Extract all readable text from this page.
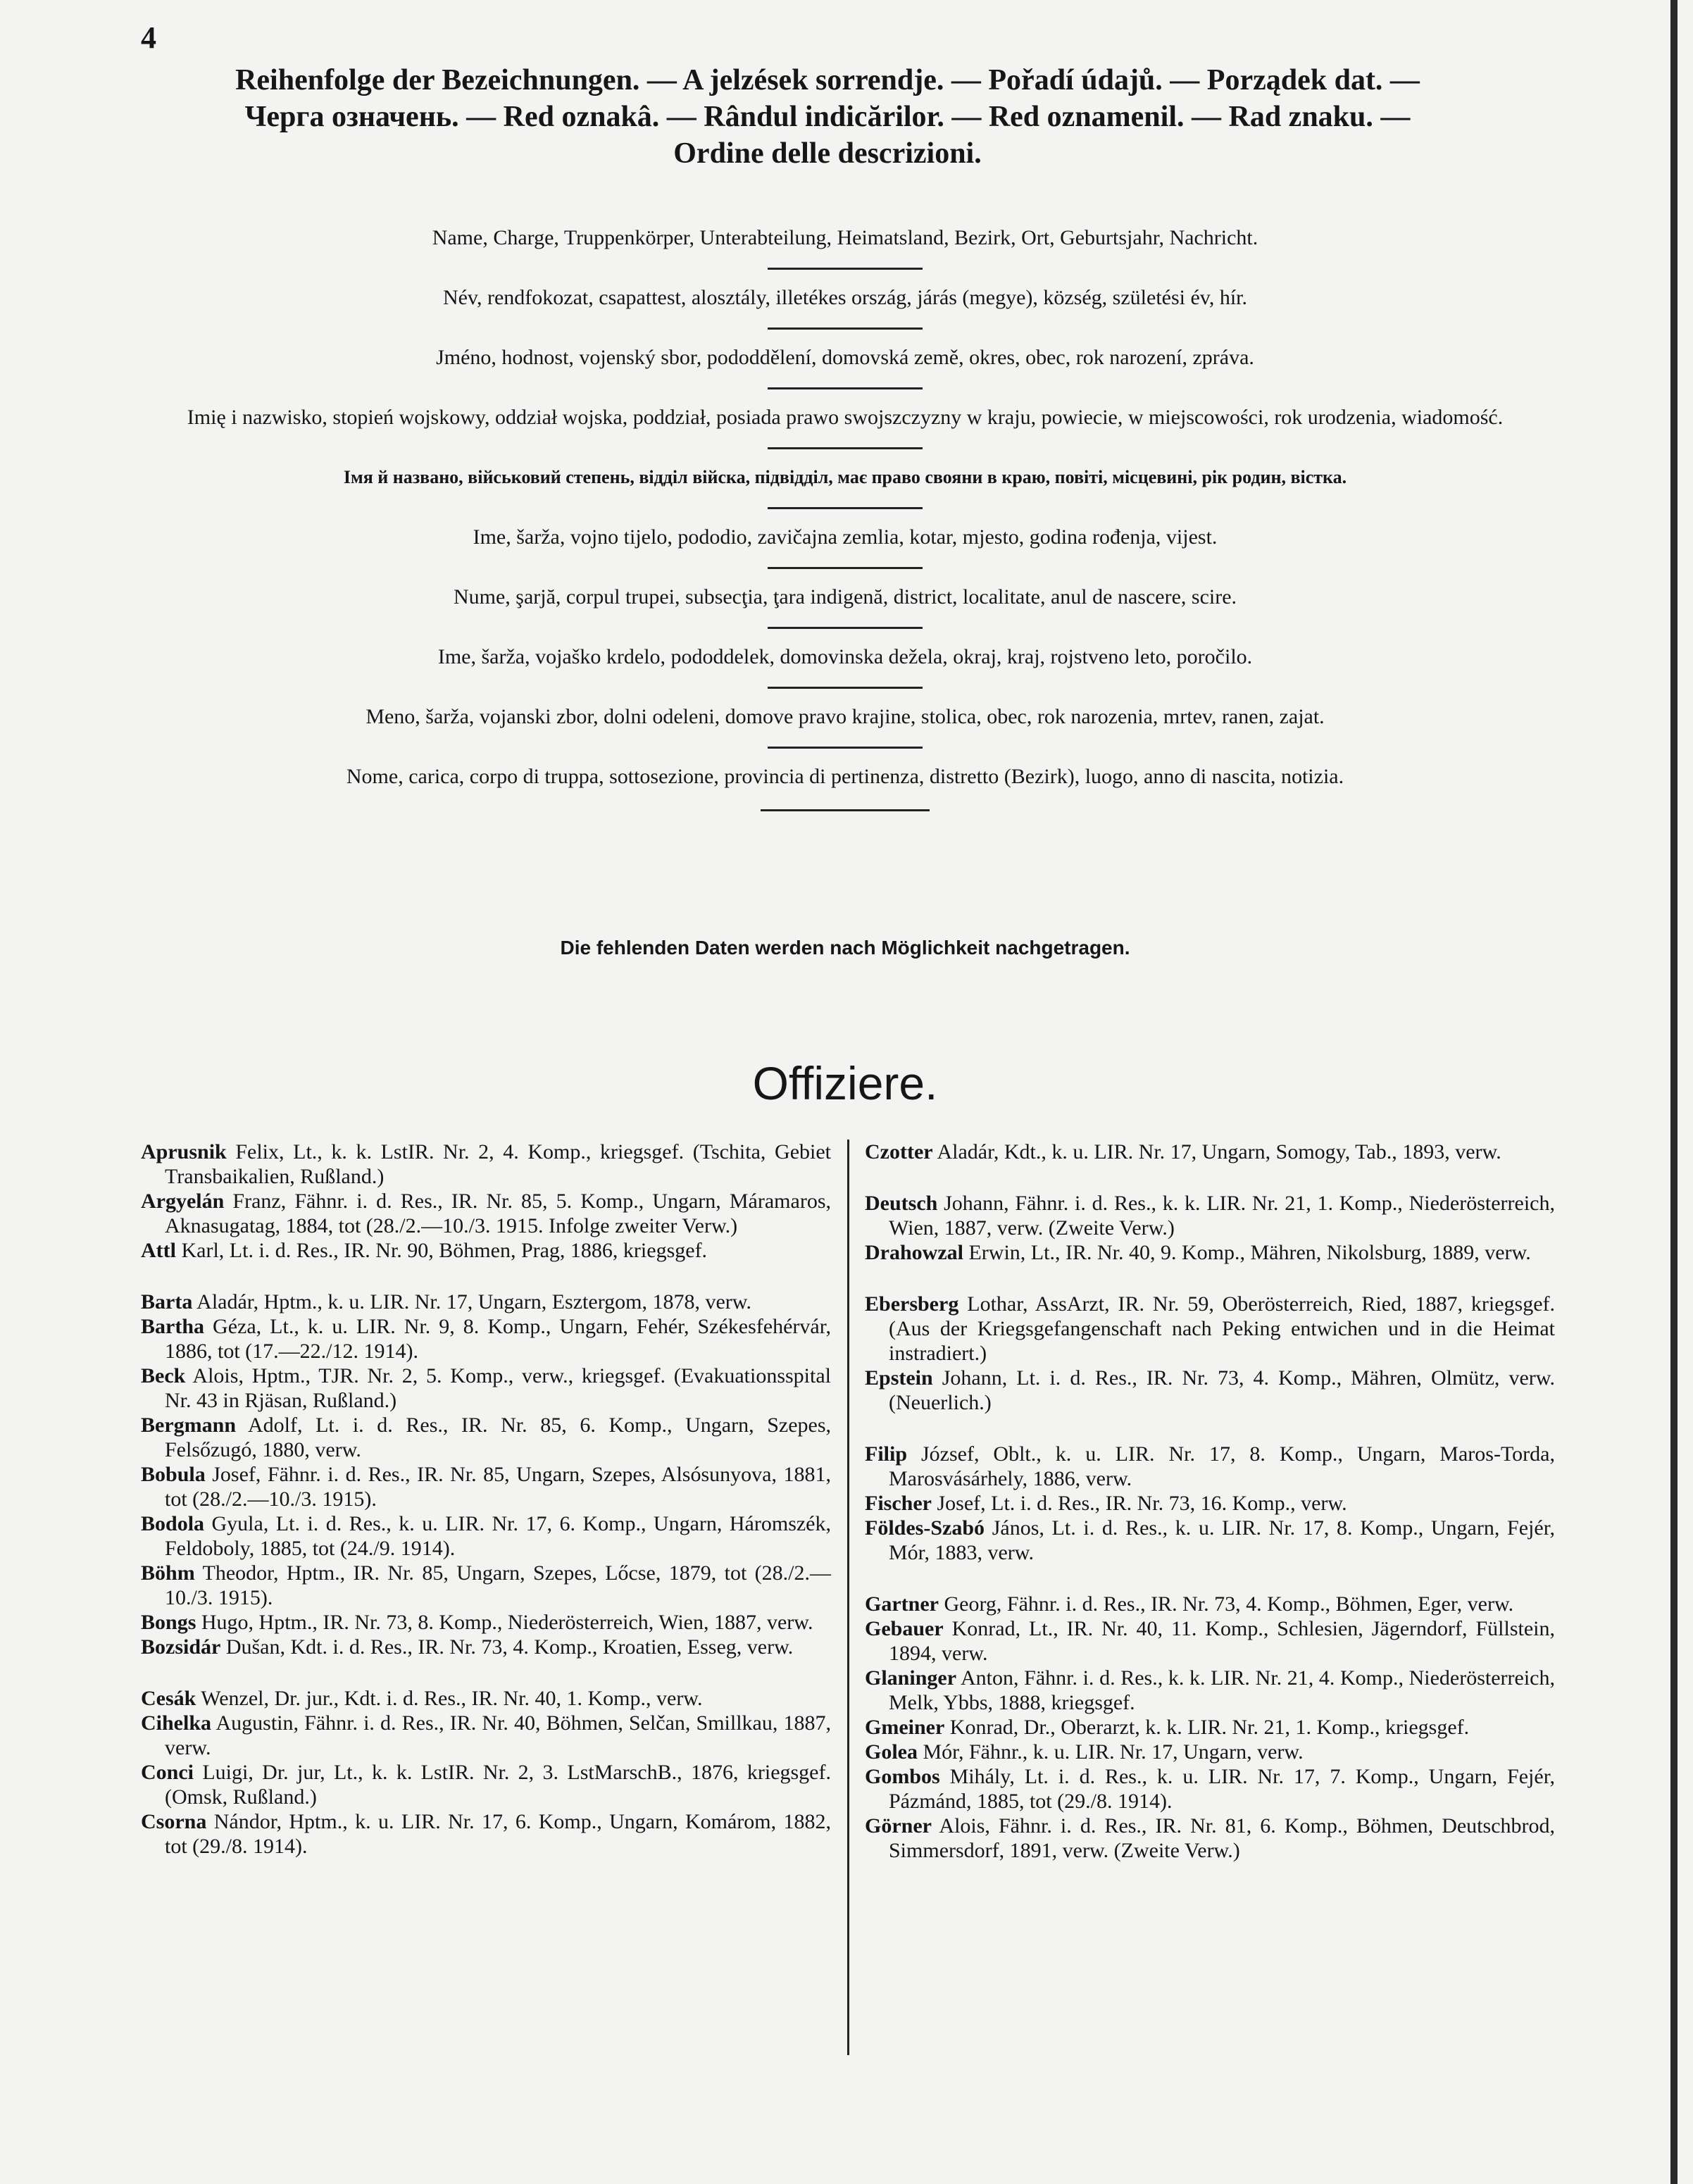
4
Reihenfolge der Bezeichnungen. — A jelzések sorrendje. — Pořadí údajů. — Porządek dat. —
Черга означень. — Red oznakâ. — Rândul indicărilor. — Red oznamenil. — Rad znaku. —
Ordine delle descrizioni.
Name, Charge, Truppenkörper, Unterabteilung, Heimatsland, Bezirk, Ort, Geburtsjahr, Nachricht.
Név, rendfokozat, csapattest, alosztály, illetékes ország, járás (megye), község, születési év, hír.
Jméno, hodnost, vojenský sbor, pododdělení, domovská země, okres, obec, rok narození, zpráva.
Imię i nazwisko, stopień wojskowy, oddział wojska, poddział, posiada prawo swojszczyzny w kraju, powiecie, w miejscowości, rok urodzenia, wiadomość.
Імя й названо, військовий степень, відділ війска, підвідділ, має право свояни в краю, повіті, місцевині, рік родин, вістка.
Ime, šarža, vojno tijelo, pododio, zavičajna zemlia, kotar, mjesto, godina rođenja, vijest.
Nume, şarjă, corpul trupei, subsecţia, ţara indigenă, district, localitate, anul de nascere, scire.
Ime, šarža, vojaško krdelo, pododdelek, domovinska dežela, okraj, kraj, rojstveno leto, poročilo.
Meno, šarža, vojanski zbor, dolni odeleni, domove pravo krajine, stolica, obec, rok narozenia, mrtev, ranen, zajat.
Nome, carica, corpo di truppa, sottosezione, provincia di pertinenza, distretto (Bezirk), luogo, anno di nascita, notizia.
Die fehlenden Daten werden nach Möglichkeit nachgetragen.
Offiziere.
Aprusnik Felix, Lt., k. k. LstIR. Nr. 2, 4. Komp., kriegsgef. (Tschita, Gebiet Transbaikalien, Rußland.)
Argyelán Franz, Fähnr. i. d. Res., IR. Nr. 85, 5. Komp., Ungarn, Máramaros, Aknasugatag, 1884, tot (28./2.—10./3. 1915. Infolge zweiter Verw.)
Attl Karl, Lt. i. d. Res., IR. Nr. 90, Böhmen, Prag, 1886, kriegsgef.
Barta Aladár, Hptm., k. u. LIR. Nr. 17, Ungarn, Esztergom, 1878, verw.
Bartha Géza, Lt., k. u. LIR. Nr. 9, 8. Komp., Ungarn, Fehér, Székesfehérvár, 1886, tot (17.—22./12. 1914).
Beck Alois, Hptm., TJR. Nr. 2, 5. Komp., verw., kriegsgef. (Evakuationsspital Nr. 43 in Rjäsan, Rußland.)
Bergmann Adolf, Lt. i. d. Res., IR. Nr. 85, 6. Komp., Ungarn, Szepes, Felsőzugó, 1880, verw.
Bobula Josef, Fähnr. i. d. Res., IR. Nr. 85, Ungarn, Szepes, Alsósunyova, 1881, tot (28./2.—10./3. 1915).
Bodola Gyula, Lt. i. d. Res., k. u. LIR. Nr. 17, 6. Komp., Ungarn, Háromszék, Feldoboly, 1885, tot (24./9. 1914).
Böhm Theodor, Hptm., IR. Nr. 85, Ungarn, Szepes, Lőcse, 1879, tot (28./2.—10./3. 1915).
Bongs Hugo, Hptm., IR. Nr. 73, 8. Komp., Niederösterreich, Wien, 1887, verw.
Bozsidár Dušan, Kdt. i. d. Res., IR. Nr. 73, 4. Komp., Kroatien, Esseg, verw.
Cesák Wenzel, Dr. jur., Kdt. i. d. Res., IR. Nr. 40, 1. Komp., verw.
Cihelka Augustin, Fähnr. i. d. Res., IR. Nr. 40, Böhmen, Selčan, Smillkau, 1887, verw.
Conci Luigi, Dr. jur, Lt., k. k. LstIR. Nr. 2, 3. LstMarschB., 1876, kriegsgef. (Omsk, Rußland.)
Csorna Nándor, Hptm., k. u. LIR. Nr. 17, 6. Komp., Ungarn, Komárom, 1882, tot (29./8. 1914).
Czotter Aladár, Kdt., k. u. LIR. Nr. 17, Ungarn, Somogy, Tab., 1893, verw.
Deutsch Johann, Fähnr. i. d. Res., k. k. LIR. Nr. 21, 1. Komp., Niederösterreich, Wien, 1887, verw. (Zweite Verw.)
Drahowzal Erwin, Lt., IR. Nr. 40, 9. Komp., Mähren, Nikolsburg, 1889, verw.
Ebersberg Lothar, AssArzt, IR. Nr. 59, Oberösterreich, Ried, 1887, kriegsgef. (Aus der Kriegsgefangenschaft nach Peking entwichen und in die Heimat instradiert.)
Epstein Johann, Lt. i. d. Res., IR. Nr. 73, 4. Komp., Mähren, Olmütz, verw. (Neuerlich.)
Filip József, Oblt., k. u. LIR. Nr. 17, 8. Komp., Ungarn, Maros-Torda, Marosvásárhely, 1886, verw.
Fischer Josef, Lt. i. d. Res., IR. Nr. 73, 16. Komp., verw.
Földes-Szabó János, Lt. i. d. Res., k. u. LIR. Nr. 17, 8. Komp., Ungarn, Fejér, Mór, 1883, verw.
Gartner Georg, Fähnr. i. d. Res., IR. Nr. 73, 4. Komp., Böhmen, Eger, verw.
Gebauer Konrad, Lt., IR. Nr. 40, 11. Komp., Schlesien, Jägerndorf, Füllstein, 1894, verw.
Glaninger Anton, Fähnr. i. d. Res., k. k. LIR. Nr. 21, 4. Komp., Niederösterreich, Melk, Ybbs, 1888, kriegsgef.
Gmeiner Konrad, Dr., Oberarzt, k. k. LIR. Nr. 21, 1. Komp., kriegsgef.
Golea Mór, Fähnr., k. u. LIR. Nr. 17, Ungarn, verw.
Gombos Mihály, Lt. i. d. Res., k. u. LIR. Nr. 17, 7. Komp., Ungarn, Fejér, Pázmánd, 1885, tot (29./8. 1914).
Görner Alois, Fähnr. i. d. Res., IR. Nr. 81, 6. Komp., Böhmen, Deutschbrod, Simmersdorf, 1891, verw. (Zweite Verw.)
